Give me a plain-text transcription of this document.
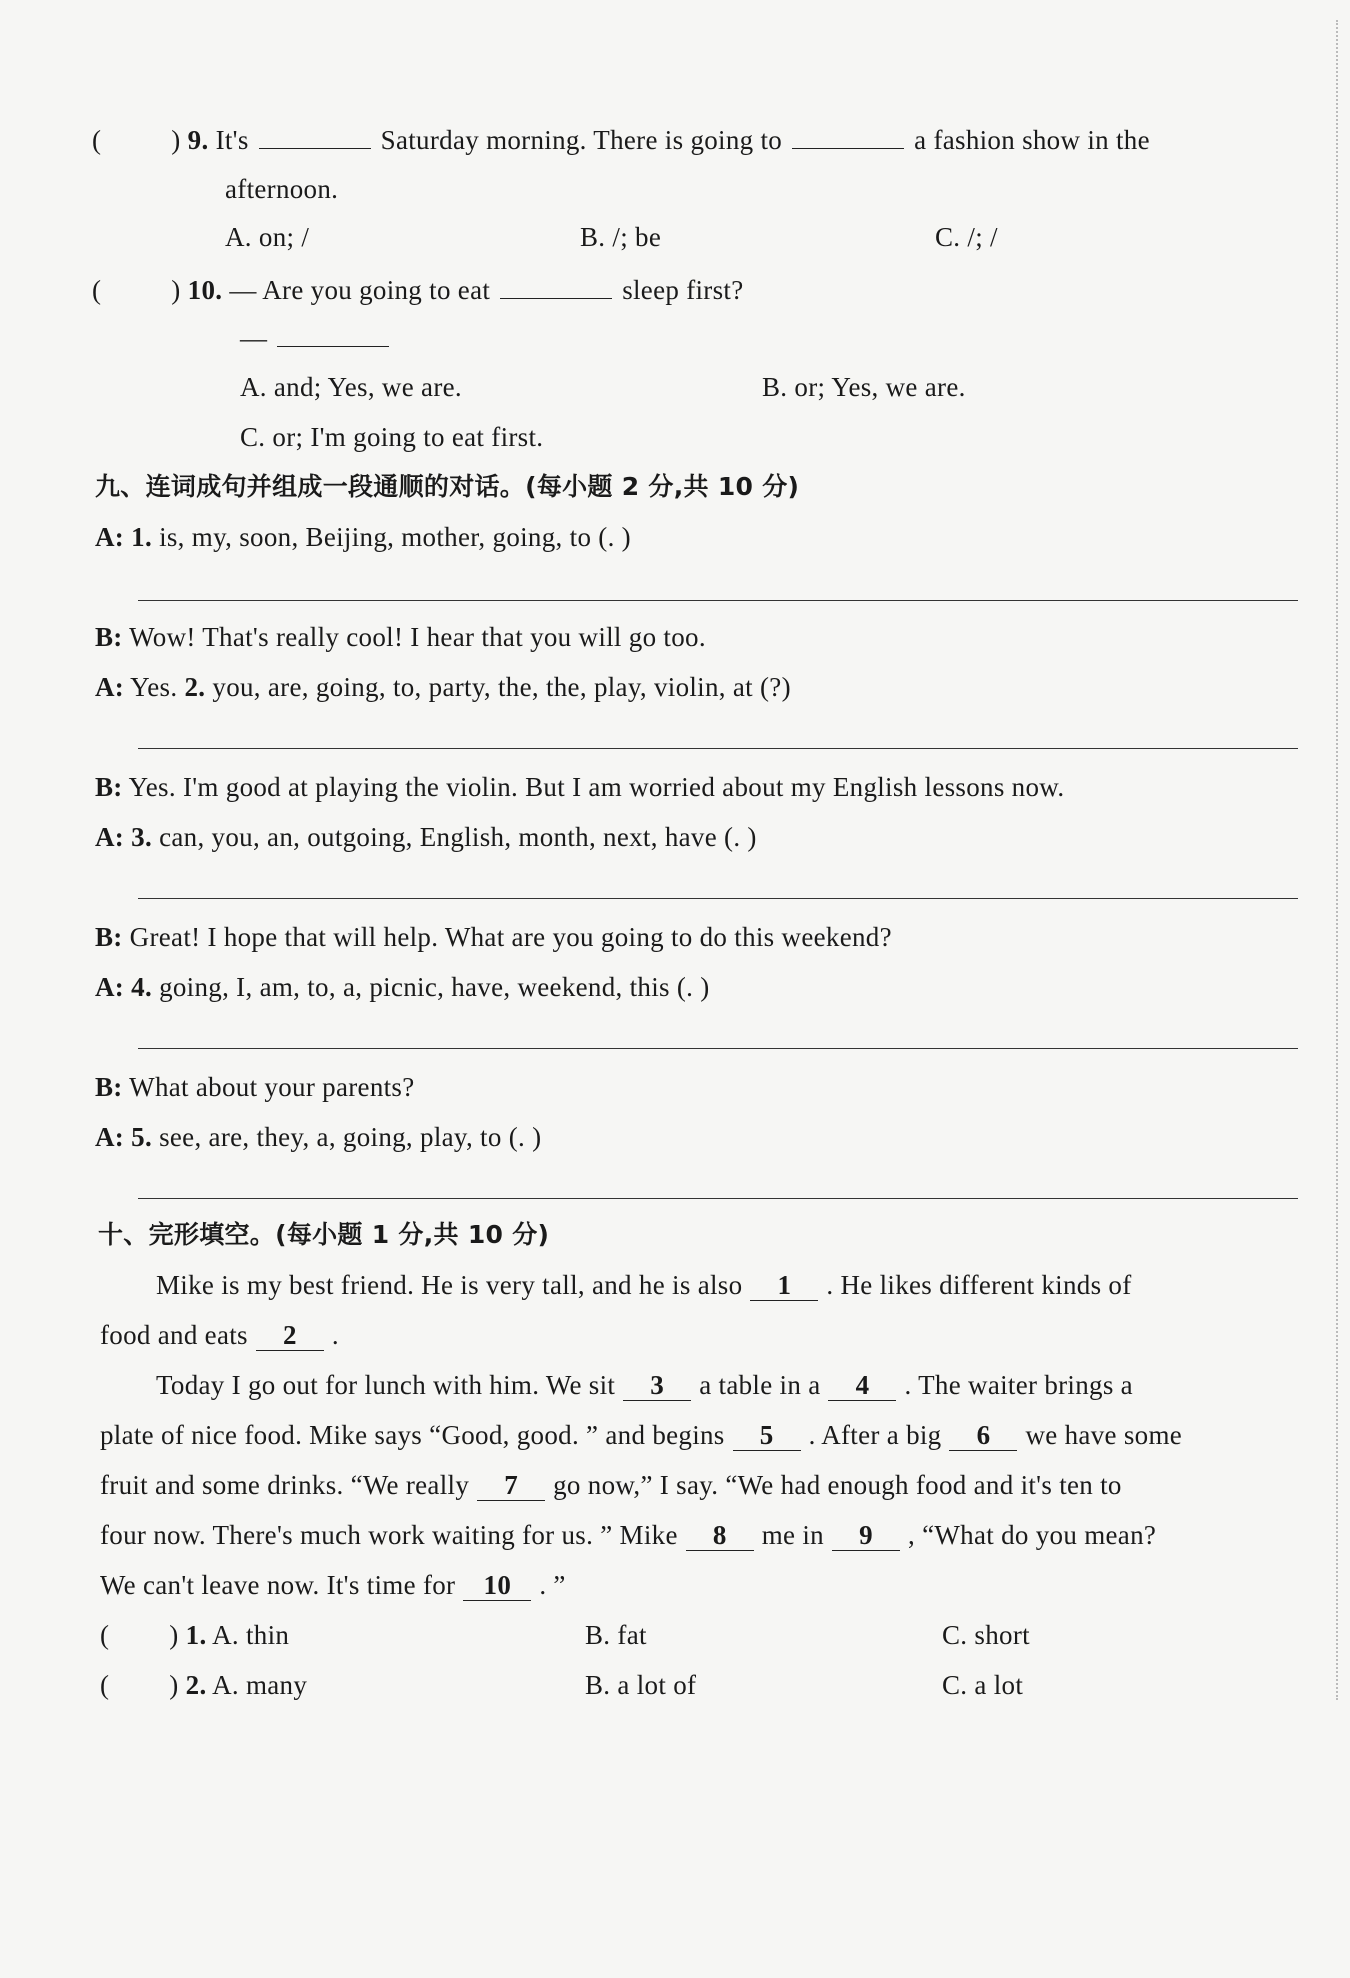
(	) 9. It's	Saturday morning. There is going to	a fashion show in the
afternoon.
A. on; /	B. /; be	C. /; /
(	) 10. — Are you going to eat	sleep first?
—
A. and; Yes, we are.	B. or; Yes, we are.
C. or; I'm going to eat first.
九、连词成句并组成一段通顺的对话。(每小题 2 分,共 10 分)
A: 1. is, my, soon, Beijing, mother, going, to (. )
B: Wow! That's really cool! I hear that you will go too.
A: Yes. 2. you, are, going, to, party, the, the, play, violin, at (?)
B: Yes. I'm good at playing the violin. But I am worried about my English lessons now.
A: 3. can, you, an, outgoing, English, month, next, have (. )
B: Great! I hope that will help. What are you going to do this weekend?
A: 4. going, I, am, to, a, picnic, have, weekend, this (. )
B: What about your parents?
A: 5. see, are, they, a, going, play, to (. )
十、完形填空。(每小题 1 分,共 10 分)
Mike is my best friend. He is very tall, and he is also 1 . He likes different kinds of
food and eats 2 .
Today I go out for lunch with him. We sit 3 a table in a 4 . The waiter brings a
plate of nice food. Mike says “Good, good. ” and begins 5 . After a big 6 we have some
fruit and some drinks. “We really 7 go now,” I say. “We had enough food and it's ten to
four now. There's much work waiting for us. ” Mike 8 me in 9 , “What do you mean?
We can't leave now. It's time for 10 . ”
( ) 1. A. thin	B. fat	C. short
( ) 2. A. many	B. a lot of	C. a lot
